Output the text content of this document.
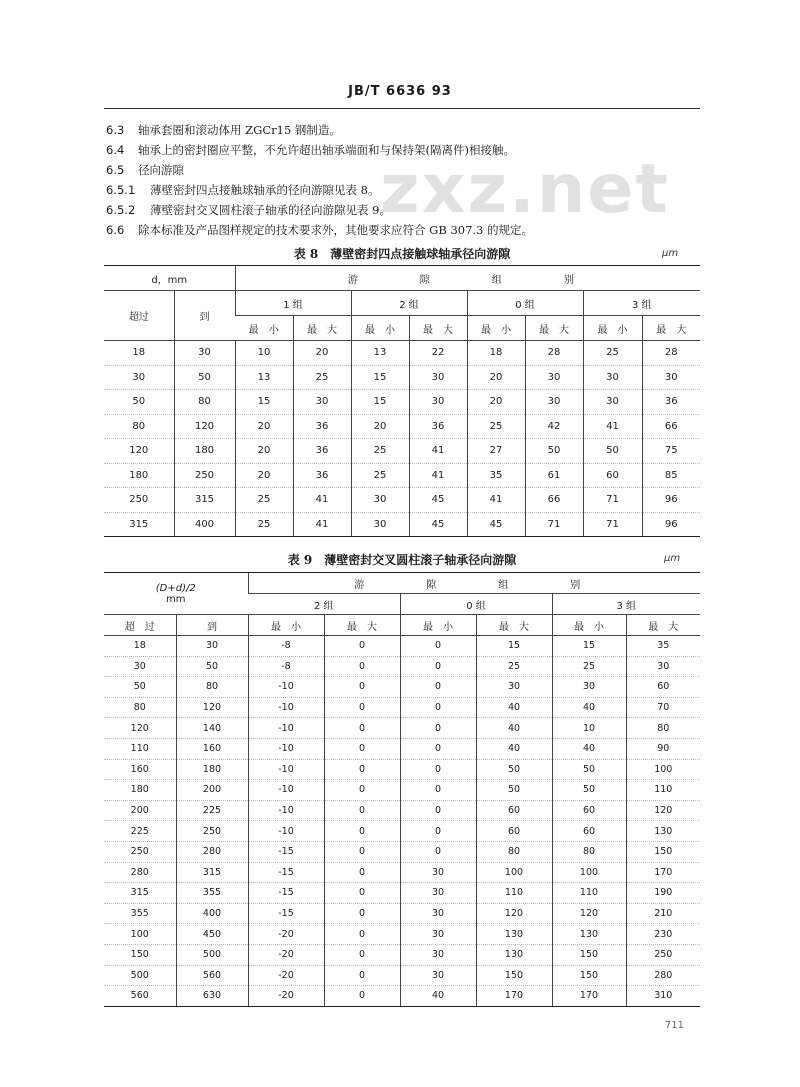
zxz.net
JB/T 6636 93
6.3 轴承套圈和滚动体用 ZGCr15 钢制造。
6.4 轴承上的密封圈应平整，不允许超出轴承端面和与保持架(隔离件)相接触。
6.5 径向游隙
6.5.1 薄壁密封四点接触球轴承的径向游隙见表 8。
6.5.2 薄壁密封交叉圆柱滚子轴承的径向游隙见表 9。
6.6 除本标准及产品图样规定的技术要求外，其他要求应符合 GB 307.3 的规定。
表 8　薄壁密封四点接触球轴承径向游隙	μm
d，mm		游　　隙　　组　　别							
超过	到	1 组		2 组		0 组		3 组	
		最　小	最　大	最　小	最　大	最　小	最　大	最　小	最　大
18	30	10	20	13	22	18	28	25	28
30	50	13	25	15	30	20	30	30	30
50	80	15	30	15	30	20	30	30	36
80	120	20	36	20	36	25	42	41	66
120	180	20	36	25	41	27	50	50	75
180	250	20	36	25	41	35	61	60	85
250	315	25	41	30	45	41	66	71	96
315	400	25	41	30	45	45	71	71	96
表 9　薄壁密封交叉圆柱滚子轴承径向游隙	μm
(D+d)/2
mm		游　　隙　　组　　别					
		2 组		0 组		3 组	
超　过	到	最　小	最　大	最　小	最　大	最　小	最　大
18	30	-8	0	0	15	15	35
30	50	-8	0	0	25	25	30
50	80	-10	0	0	30	30	60
80	120	-10	0	0	40	40	70
120	140	-10	0	0	40	10	80
110	160	-10	0	0	40	40	90
160	180	-10	0	0	50	50	100
180	200	-10	0	0	50	50	110
200	225	-10	0	0	60	60	120
225	250	-10	0	0	60	60	130
250	280	-15	0	0	80	80	150
280	315	-15	0	30	100	100	170
315	355	-15	0	30	110	110	190
355	400	-15	0	30	120	120	210
100	450	-20	0	30	130	130	230
150	500	-20	0	30	130	150	250
500	560	-20	0	30	150	150	280
560	630	-20	0	40	170	170	310
711
